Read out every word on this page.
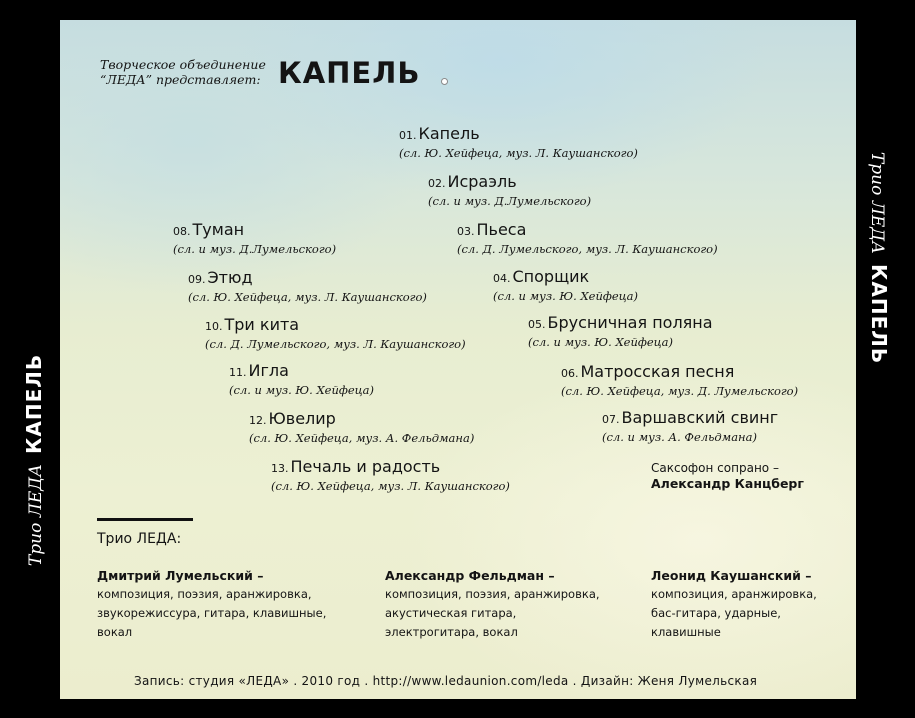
Трио ЛЕДАКАПЕЛЬ
Трио ЛЕДАКАПЕЛЬ
Творческое объединение
“ЛЕДА” представляет: КАПЕЛЬ
01. Капель
(сл. Ю. Хейфеца, муз. Л. Каушанского)
02. Исраэль
(сл. и муз. Д.Лумельского)
03. Пьеса
(сл. Д. Лумельского, муз. Л. Каушанского)
04. Спорщик
(сл. и муз. Ю. Хейфеца)
05. Брусничная поляна
(сл. и муз. Ю. Хейфеца)
06. Матросская песня
(сл. Ю. Хейфеца, муз. Д. Лумельского)
07. Варшавский свинг
(сл. и муз. А. Фельдмана)
08. Туман
(сл. и муз. Д.Лумельского)
09. Этюд
(сл. Ю. Хейфеца, муз. Л. Каушанского)
10. Три кита
(сл. Д. Лумельского, муз. Л. Каушанского)
11. Игла
(сл. и муз. Ю. Хейфеца)
12. Ювелир
(сл. Ю. Хейфеца, муз. А. Фельдмана)
13. Печаль и радость
(сл. Ю. Хейфеца, муз. Л. Каушанского)
Саксофон сопрано –
Александр Канцберг
Трио ЛЕДА:
Дмитрий Лумельский –
композиция, поэзия, аранжировка,
звукорежиссура, гитара, клавишные,
вокал
Александр Фельдман –
композиция, поэзия, аранжировка,
акустическая гитара,
электрогитара, вокал
Леонид Каушанский –
композиция, аранжировка,
бас-гитара, ударные,
клавишные
Запись: студия «ЛЕДА» . 2010 год . http://www.ledaunion.com/leda . Дизайн: Женя Лумельская
